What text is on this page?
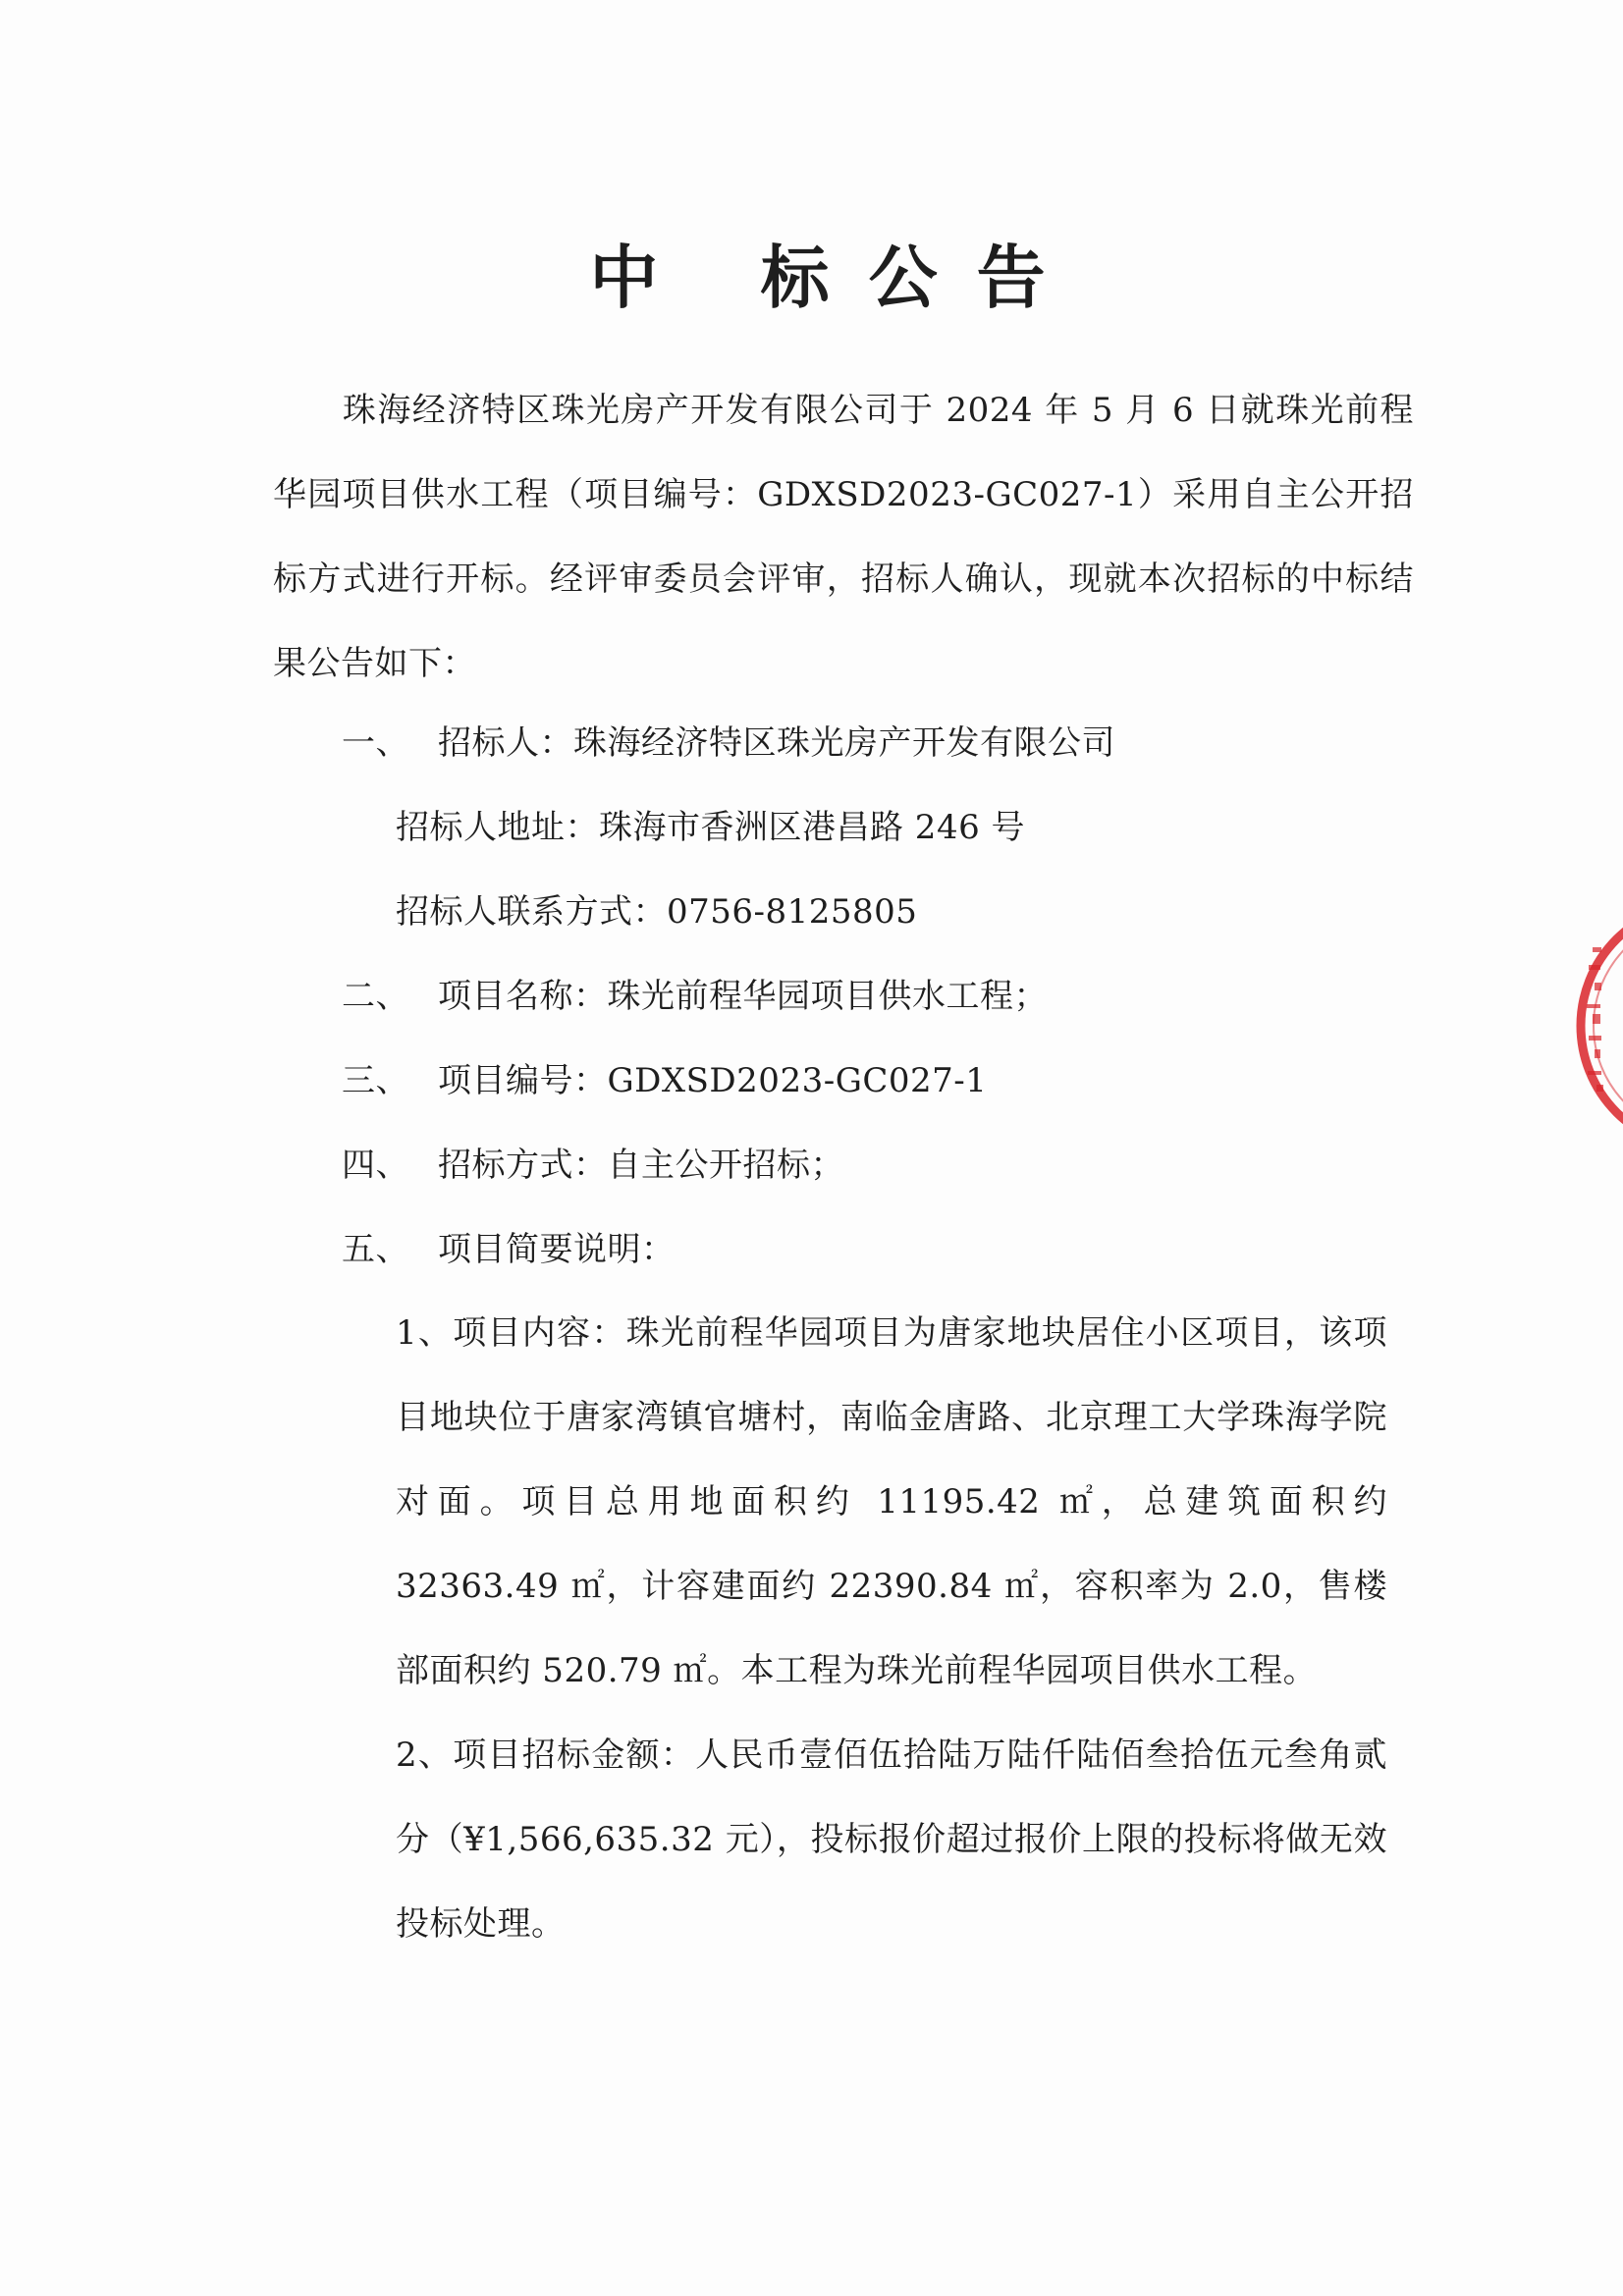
中 标公告
珠海经济特区珠光房产开发有限公司于 2024 年 5 月 6 日就珠光前程华园项目供水工程（项目编号：GDXSD2023-GC027-1）采用自主公开招标方式进行开标。经评审委员会评审，招标人确认，现就本次招标的中标结果公告如下：
一、 招标人：珠海经济特区珠光房产开发有限公司
招标人地址：珠海市香洲区港昌路 246 号
招标人联系方式：0756-8125805
二、 项目名称：珠光前程华园项目供水工程；
三、 项目编号：GDXSD2023-GC027-1
四、 招标方式：自主公开招标；
五、 项目简要说明：
1、项目内容：珠光前程华园项目为唐家地块居住小区项目，该项目地块位于唐家湾镇官塘村，南临金唐路、北京理工大学珠海学院对面。项目总用地面积约 11195.42 ㎡，总建筑面积约 32363.49 ㎡，计容建面约 22390.84 ㎡，容积率为 2.0，售楼部面积约 520.79 ㎡。本工程为珠光前程华园项目供水工程。
2、项目招标金额：人民币壹佰伍拾陆万陆仟陆佰叁拾伍元叁角贰分（¥1,566,635.32 元），投标报价超过报价上限的投标将做无效投标处理。
